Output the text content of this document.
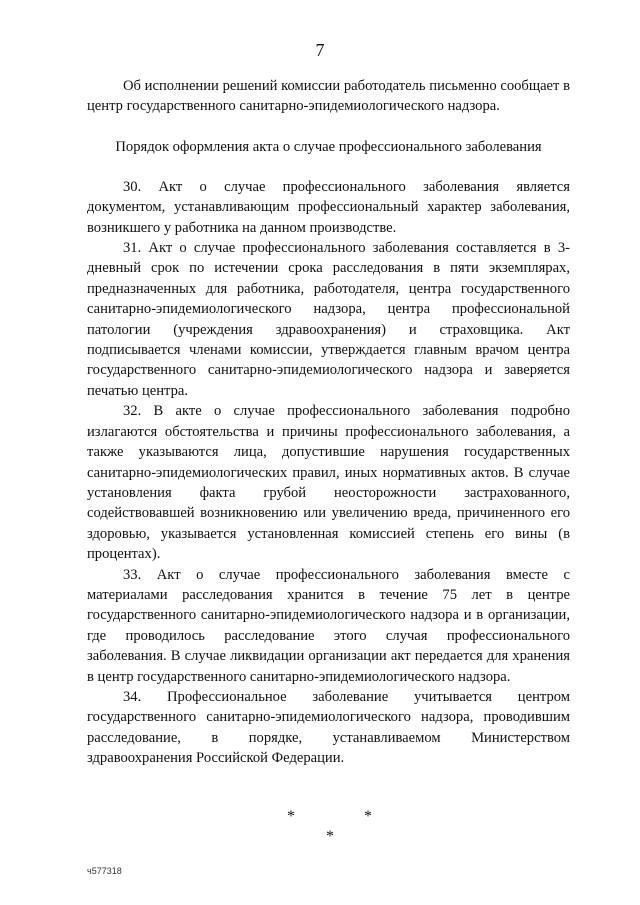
7

Об исполнении решений комиссии работодатель письменно сообщает в центр государственного санитарно-эпидемиологического надзора.

Порядок оформления акта о случае профессионального заболевания

30. Акт о случае профессионального заболевания является документом, устанавливающим профессиональный характер заболевания, возникшего у работника на данном производстве.

31. Акт о случае профессионального заболевания составляется в 3-дневный срок по истечении срока расследования в пяти экземплярах, предназначенных для работника, работодателя, центра государственного санитарно-эпидемиологического надзора, центра профессиональной патологии (учреждения здравоохранения) и страховщика. Акт подписывается членами комиссии, утверждается главным врачом центра государственного санитарно-эпидемиологического надзора и заверяется печатью центра.

32. В акте о случае профессионального заболевания подробно излагаются обстоятельства и причины профессионального заболевания, а также указываются лица, допустившие нарушения государственных санитарно-эпидемиологических правил, иных нормативных актов. В случае установления факта грубой неосторожности застрахованного, содействовавшей возникновению или увеличению вреда, причиненного его здоровью, указывается установленная комиссией степень его вины (в процентах).

33. Акт о случае профессионального заболевания вместе с материалами расследования хранится в течение 75 лет в центре государственного санитарно-эпидемиологического надзора и в организации, где проводилось расследование этого случая профессионального заболевания. В случае ликвидации организации акт передается для хранения в центр государственного санитарно-эпидемиологического надзора.

34. Профессиональное заболевание учитывается центром государственного санитарно-эпидемиологического надзора, проводившим расследование, в порядке, устанавливаемом Министерством здравоохранения Российской Федерации.

*	*
*
ч577318
